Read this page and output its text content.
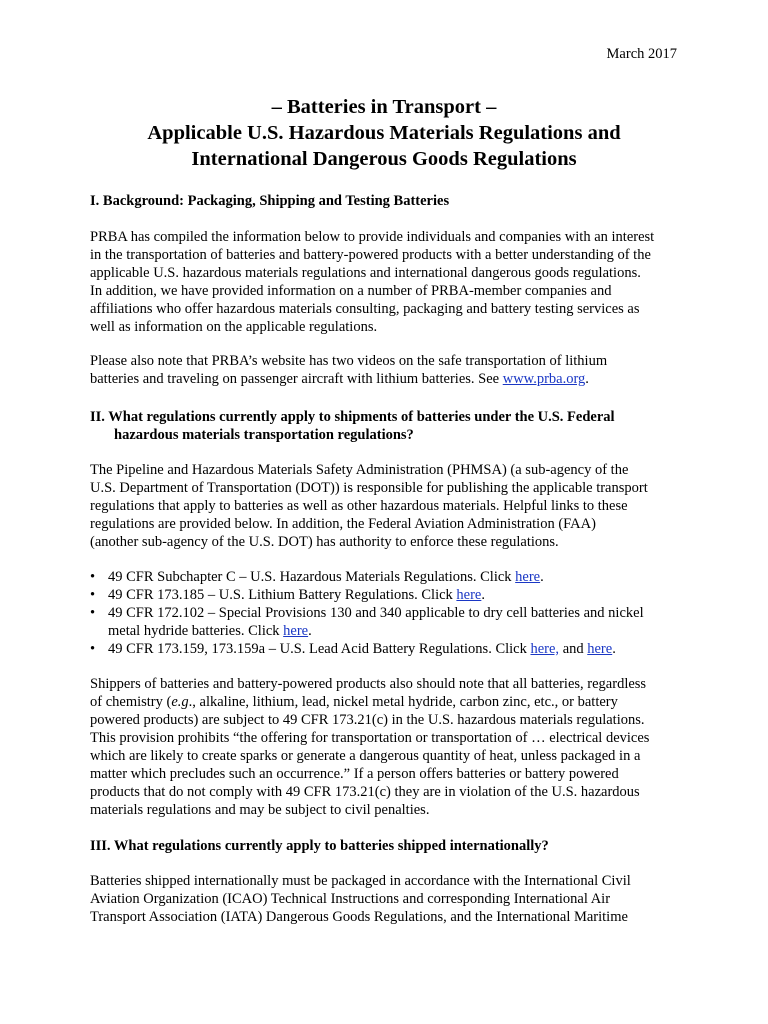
March 2017
– Batteries in Transport –
Applicable U.S. Hazardous Materials Regulations and
International Dangerous Goods Regulations
I. Background: Packaging, Shipping and Testing Batteries
PRBA has compiled the information below to provide individuals and companies with an interest
in the transportation of batteries and battery-powered products with a better understanding of the
applicable U.S. hazardous materials regulations and international dangerous goods regulations.
In addition, we have provided information on a number of PRBA-member companies and
affiliations who offer hazardous materials consulting, packaging and battery testing services as
well as information on the applicable regulations.
Please also note that PRBA’s website has two videos on the safe transportation of lithium
batteries and traveling on passenger aircraft with lithium batteries. See www.prba.org.
II. What regulations currently apply to shipments of batteries under the U.S. Federal
hazardous materials transportation regulations?
The Pipeline and Hazardous Materials Safety Administration (PHMSA) (a sub-agency of the
U.S. Department of Transportation (DOT)) is responsible for publishing the applicable transport
regulations that apply to batteries as well as other hazardous materials. Helpful links to these
regulations are provided below. In addition, the Federal Aviation Administration (FAA)
(another sub-agency of the U.S. DOT) has authority to enforce these regulations.
• 49 CFR Subchapter C – U.S. Hazardous Materials Regulations. Click here.
• 49 CFR 173.185 – U.S. Lithium Battery Regulations. Click here.
• 49 CFR 172.102 – Special Provisions 130 and 340 applicable to dry cell batteries and nickel
metal hydride batteries. Click here.
• 49 CFR 173.159, 173.159a – U.S. Lead Acid Battery Regulations. Click here, and here.
Shippers of batteries and battery-powered products also should note that all batteries, regardless
of chemistry (e.g., alkaline, lithium, lead, nickel metal hydride, carbon zinc, etc., or battery
powered products) are subject to 49 CFR 173.21(c) in the U.S. hazardous materials regulations.
This provision prohibits “the offering for transportation or transportation of … electrical devices
which are likely to create sparks or generate a dangerous quantity of heat, unless packaged in a
matter which precludes such an occurrence.” If a person offers batteries or battery powered
products that do not comply with 49 CFR 173.21(c) they are in violation of the U.S. hazardous
materials regulations and may be subject to civil penalties.
III. What regulations currently apply to batteries shipped internationally?
Batteries shipped internationally must be packaged in accordance with the International Civil
Aviation Organization (ICAO) Technical Instructions and corresponding International Air
Transport Association (IATA) Dangerous Goods Regulations, and the International Maritime
